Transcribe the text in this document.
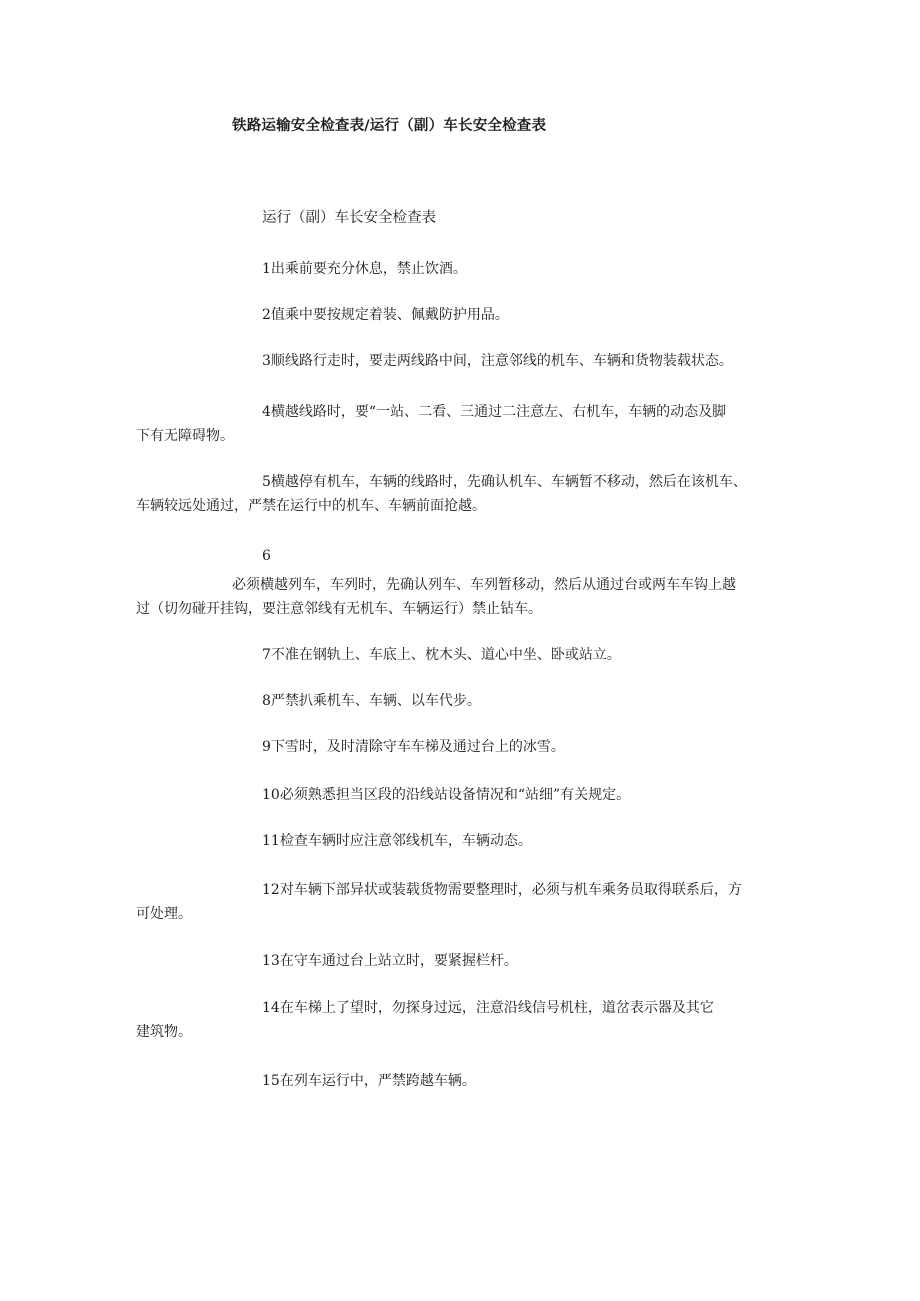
铁路运输安全检查表/运行（副）车长安全检查表
运行（副）车长安全检查表
1出乘前要充分休息，禁止饮酒。
2值乘中要按规定着装、佩戴防护用品。
3顺线路行走时，要走两线路中间，注意邻线的机车、车辆和货物装载状态。
4横越线路时，要“一站、二看、三通过二注意左、右机车，车辆的动态及脚
下有无障碍物。
5横越停有机车，车辆的线路时，先确认机车、车辆暂不移动，然后在该机车、
车辆较远处通过，严禁在运行中的机车、车辆前面抢越。
6
必须横越列车，车列时，先确认列车、车列暂移动，然后从通过台或两车车钩上越
过（切勿碰开挂钩，要注意邻线有无机车、车辆运行）禁止钻车。
7不准在钢轨上、车底上、枕木头、道心中坐、卧或站立。
8严禁扒乘机车、车辆、以车代步。
9下雪时，及时清除守车车梯及通过台上的冰雪。
10必须熟悉担当区段的沿线站设备情况和“站细”有关规定。
11检查车辆时应注意邻线机车，车辆动态。
12对车辆下部异状或装载货物需要整理时，必须与机车乘务员取得联系后，方
可处理。
13在守车通过台上站立时，要紧握栏杆。
14在车梯上了望时，勿探身过远，注意沿线信号机柱，道岔表示器及其它
建筑物。
15在列车运行中，严禁跨越车辆。
